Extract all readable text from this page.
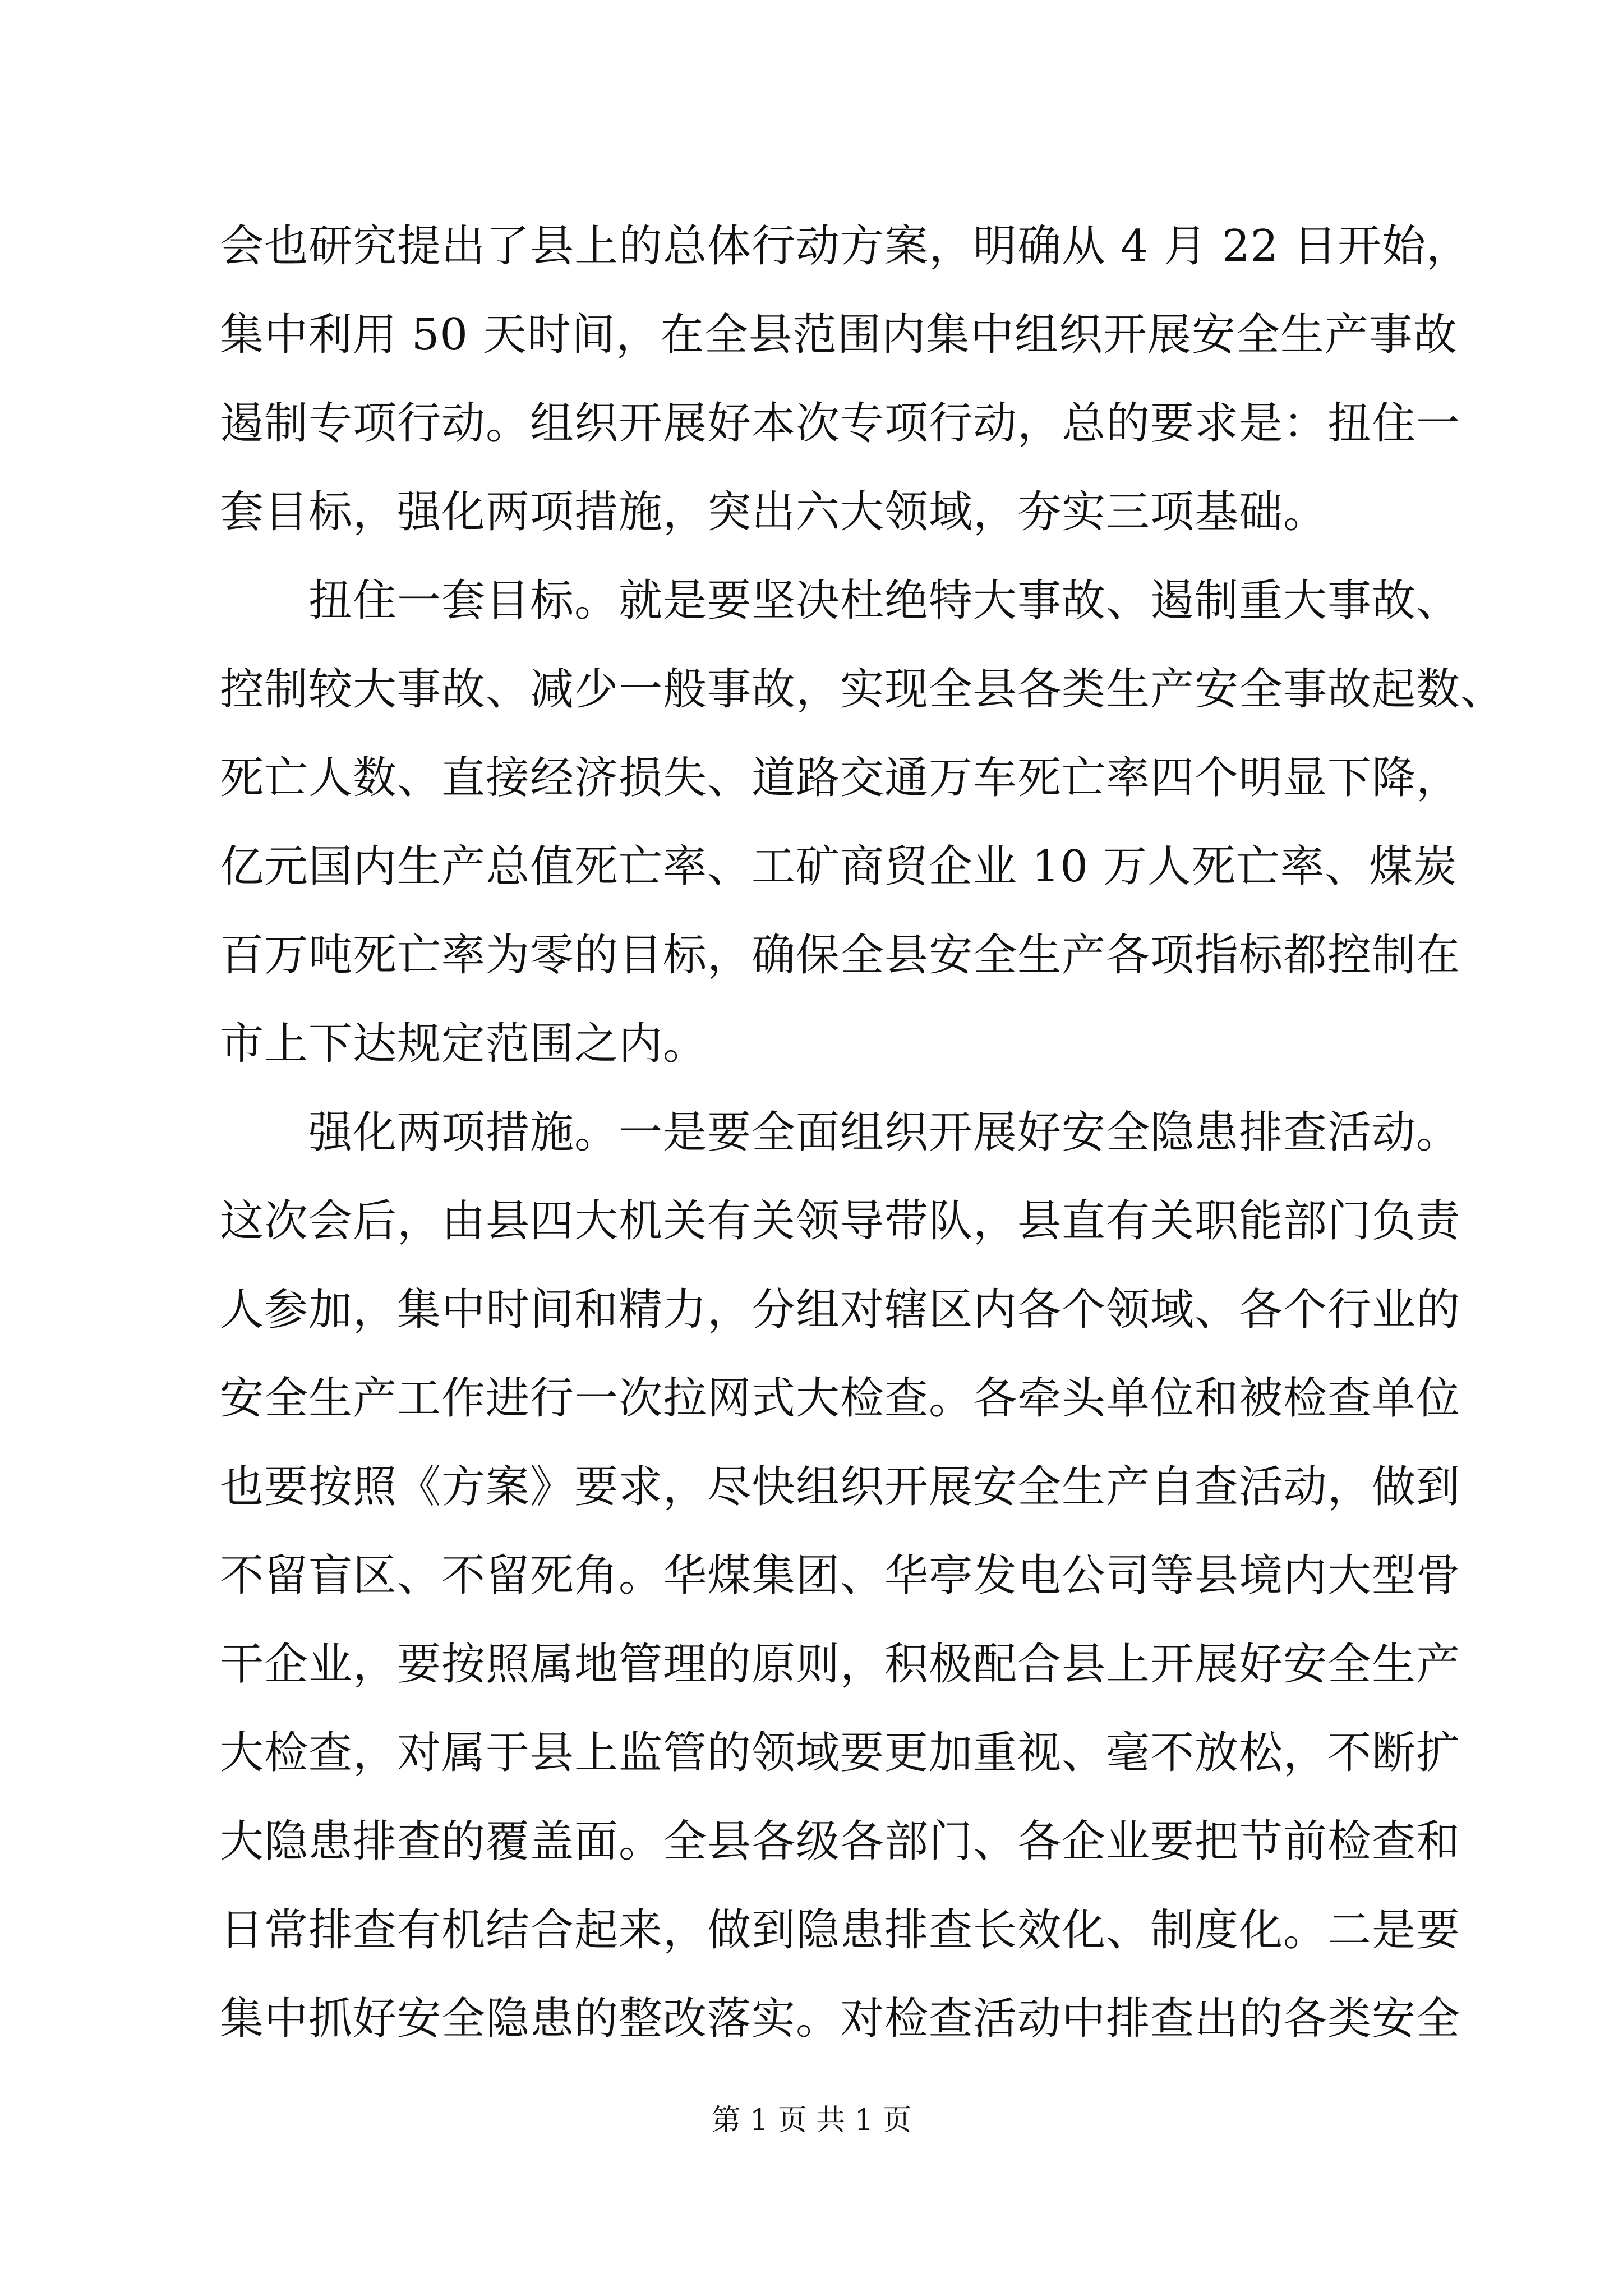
会也研究提出了县上的总体行动方案，明确从 4 月 22 日开始，
集中利用 50 天时间，在全县范围内集中组织开展安全生产事故
遏制专项行动。组织开展好本次专项行动，总的要求是：扭住一
套目标，强化两项措施，突出六大领域，夯实三项基础。
扭住一套目标。就是要坚决杜绝特大事故、遏制重大事故、
控制较大事故、减少一般事故，实现全县各类生产安全事故起数、
死亡人数、直接经济损失、道路交通万车死亡率四个明显下降，
亿元国内生产总值死亡率、工矿商贸企业 10 万人死亡率、煤炭
百万吨死亡率为零的目标，确保全县安全生产各项指标都控制在
市上下达规定范围之内。
强化两项措施。一是要全面组织开展好安全隐患排查活动。
这次会后，由县四大机关有关领导带队，县直有关职能部门负责
人参加，集中时间和精力，分组对辖区内各个领域、各个行业的
安全生产工作进行一次拉网式大检查。各牵头单位和被检查单位
也要按照《方案》要求，尽快组织开展安全生产自查活动，做到
不留盲区、不留死角。华煤集团、华亭发电公司等县境内大型骨
干企业，要按照属地管理的原则，积极配合县上开展好安全生产
大检查，对属于县上监管的领域要更加重视、毫不放松，不断扩
大隐患排查的覆盖面。全县各级各部门、各企业要把节前检查和
日常排查有机结合起来，做到隐患排查长效化、制度化。二是要
集中抓好安全隐患的整改落实。对检查活动中排查出的各类安全
第 1 页 共 1 页
